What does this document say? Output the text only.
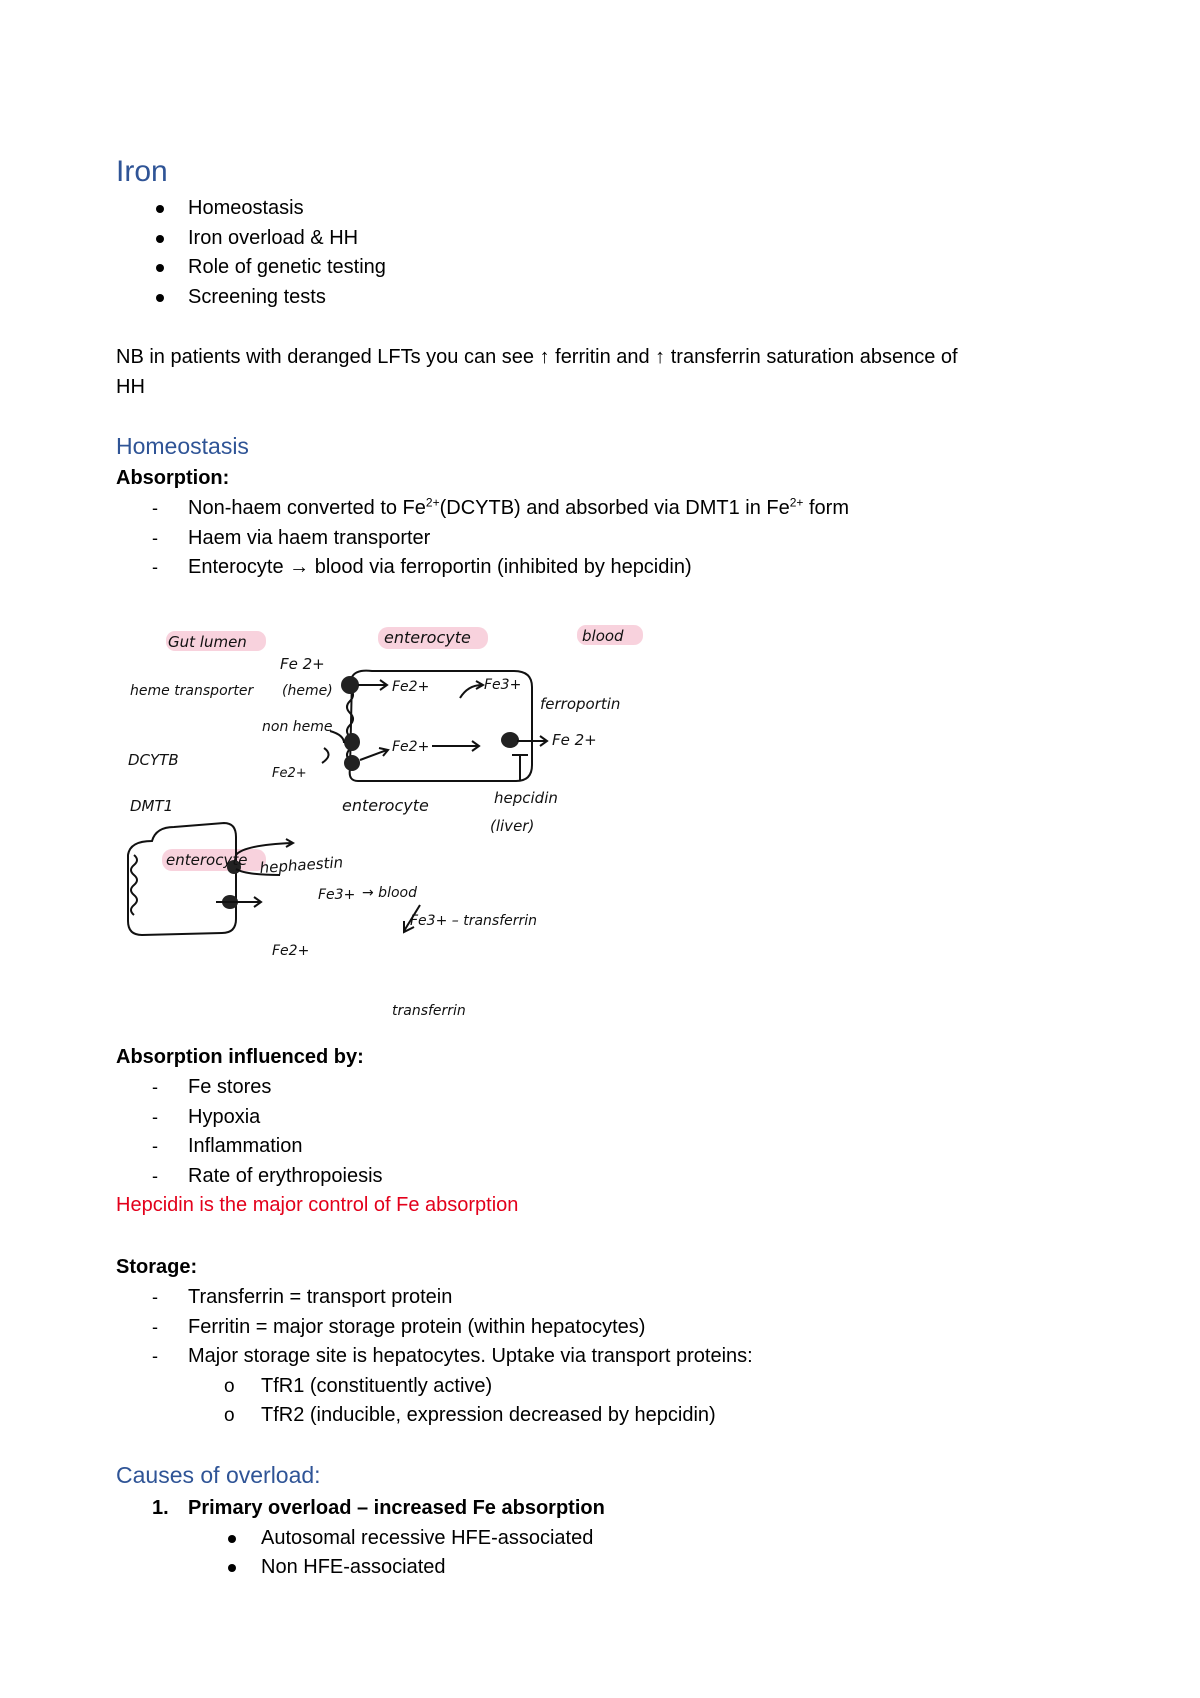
Iron
Homeostasis
Iron overload & HH
Role of genetic testing
Screening tests
NB in patients with deranged LFTs you can see ↑ ferritin and ↑ transferrin saturation absence of
HH
Homeostasis
Absorption:
- Non-haem converted to $Fe^{2+}(DCYTB)$ and absorbed via DMT1 in $Fe^{2+}$ form
- Haem via haem transporter
- Enterocyte → blood via ferroportin (inhibited by hepcidin)
Gut lumen	enterocyte	blood
Fe 2+
heme transporter (heme)	Fe2+	Fe3+
ferroportin
Fe 2+
non heme
Fe2+
Fe2+
DCYTB
DMT1	enterocyte	hepcidin
(liver)
enterocyte hephaestin
Fe3+ → blood
Fe3+ – transferrin
Fe2+
transferrin
Absorption influenced by:
- Fe stores
- Hypoxia
- Inflammation
- Rate of erythropoiesis
Hepcidin is the major control of Fe absorption
Storage:
- Transferrin = transport protein
- Ferritin = major storage protein (within hepatocytes)
- Major storage site is hepatocytes. Uptake via transport proteins:
o TfR1 (constituently active)
o TfR2 (inducible, expression decreased by hepcidin)
Causes of overload:
1. Primary overload – increased Fe absorption
Autosomal recessive HFE-associated
Non HFE-associated
